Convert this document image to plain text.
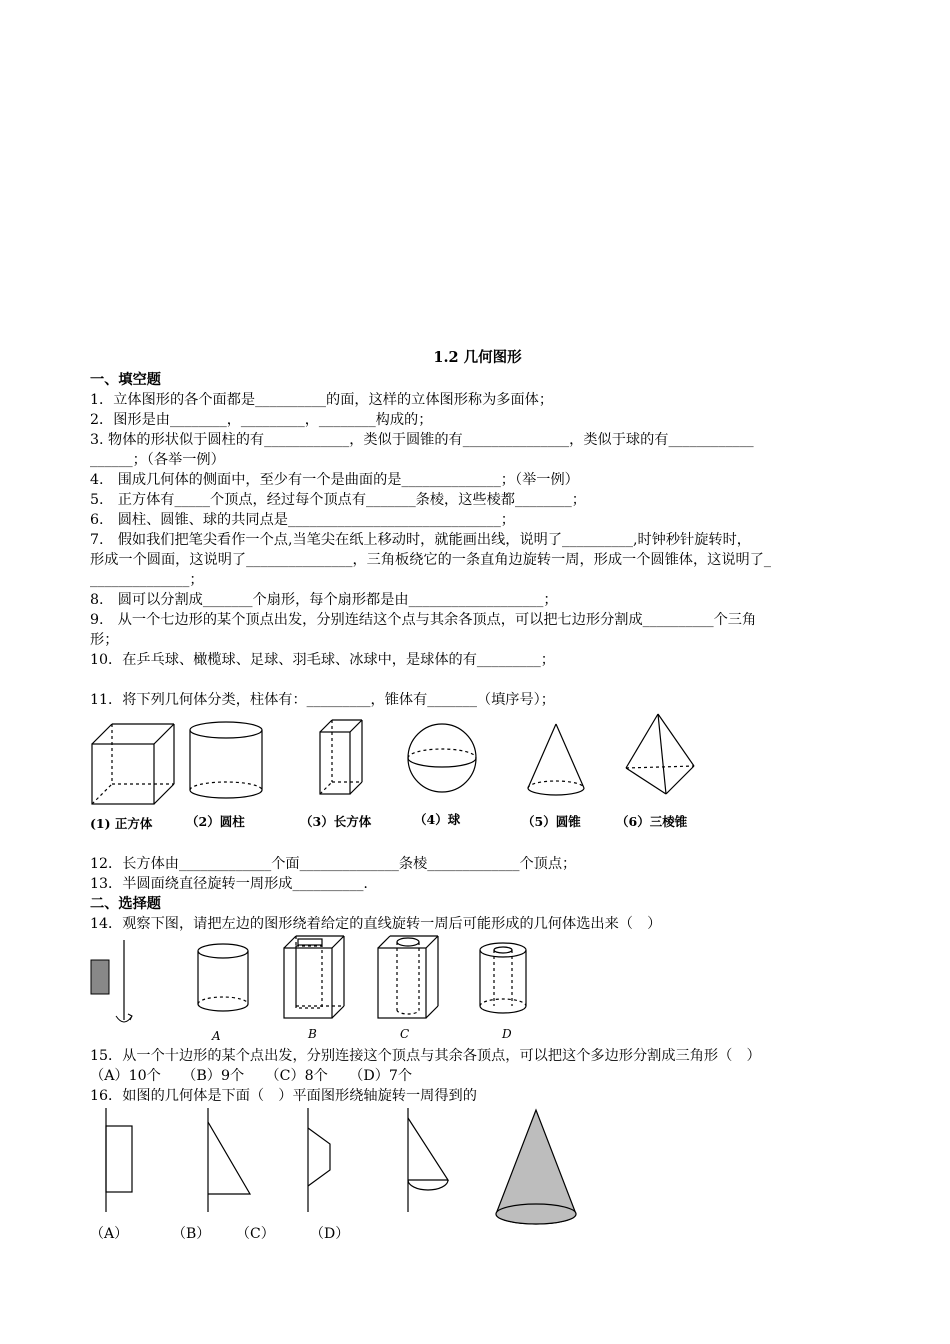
1.2 几何图形
一、填空题
1．立体图形的各个面都是__________的面，这样的立体图形称为多面体；
2．图形是由________，_________，________构成的；
3. 物体的形状似于圆柱的有____________，类似于圆锥的有_______________，类似于球的有____________
______；（各举一例）
4.　围成几何体的侧面中，至少有一个是曲面的是______________；（举一例）
5.　正方体有_____个顶点，经过每个顶点有_______条棱，这些棱都________；
6.　圆柱、圆锥、球的共同点是______________________________；
7.　假如我们把笔尖看作一个点,当笔尖在纸上移动时，就能画出线，说明了__________,时钟秒针旋转时，
形成一个圆面，这说明了_______________，三角板绕它的一条直角边旋转一周，形成一个圆锥体，这说明了_
______________；
8.　圆可以分割成_______个扇形，每个扇形都是由___________________；
9.　从一个七边形的某个顶点出发，分别连结这个点与其余各顶点，可以把七边形分割成__________个三角
形；
10．在乒乓球、橄榄球、足球、羽毛球、冰球中，是球体的有_________；
11．将下列几何体分类，柱体有：_________，锥体有_______（填序号）；
(1) 正方体	（2）圆柱	（3）长方体	（4）球	（5）圆锥	（6）三棱锥
12．长方体由_____________个面______________条棱_____________个顶点；
13．半圆面绕直径旋转一周形成__________.
二、选择题
14．观察下图，请把左边的图形绕着给定的直线旋转一周后可能形成的几何体选出来（　）
A	B	C	D
15．从一个十边形的某个点出发，分别连接这个顶点与其余各顶点，可以把这个多边形分割成三角形（　）
（A）10个　　（B）9个　　（C）8个　　（D）7个
16．如图的几何体是下面（　）平面图形绕轴旋转一周得到的
（A）	（B） （C）	（D）
